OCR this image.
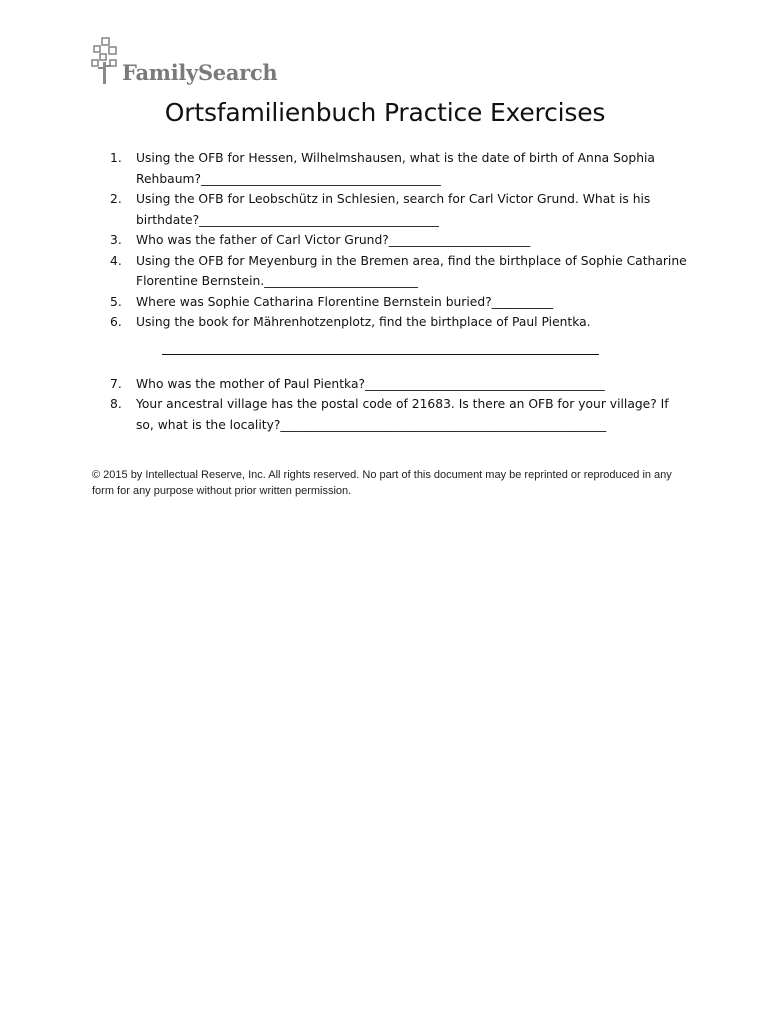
FamilySearch
Ortsfamilienbuch Practice Exercises
1. Using the OFB for Hessen, Wilhelmshausen, what is the date of birth of Anna Sophia Rehbaum?_______________________________________
2. Using the OFB for Leobschütz in Schlesien, search for Carl Victor Grund. What is his birthdate?_______________________________________
3. Who was the father of Carl Victor Grund?_______________________
4. Using the OFB for Meyenburg in the Bremen area, find the birthplace of Sophie Catharine Florentine Bernstein._________________________
5. Where was Sophie Catharina Florentine Bernstein buried?__________
6. Using the book for Mährenhotzenplotz, find the birthplace of Paul Pientka.
7. Who was the mother of Paul Pientka?_______________________________________
8. Your ancestral village has the postal code of 21683. Is there an OFB for your village? If so, what is the locality?_____________________________________________________
© 2015 by Intellectual Reserve, Inc. All rights reserved. No part of this document may be reprinted or reproduced in any form for any purpose without prior written permission.
